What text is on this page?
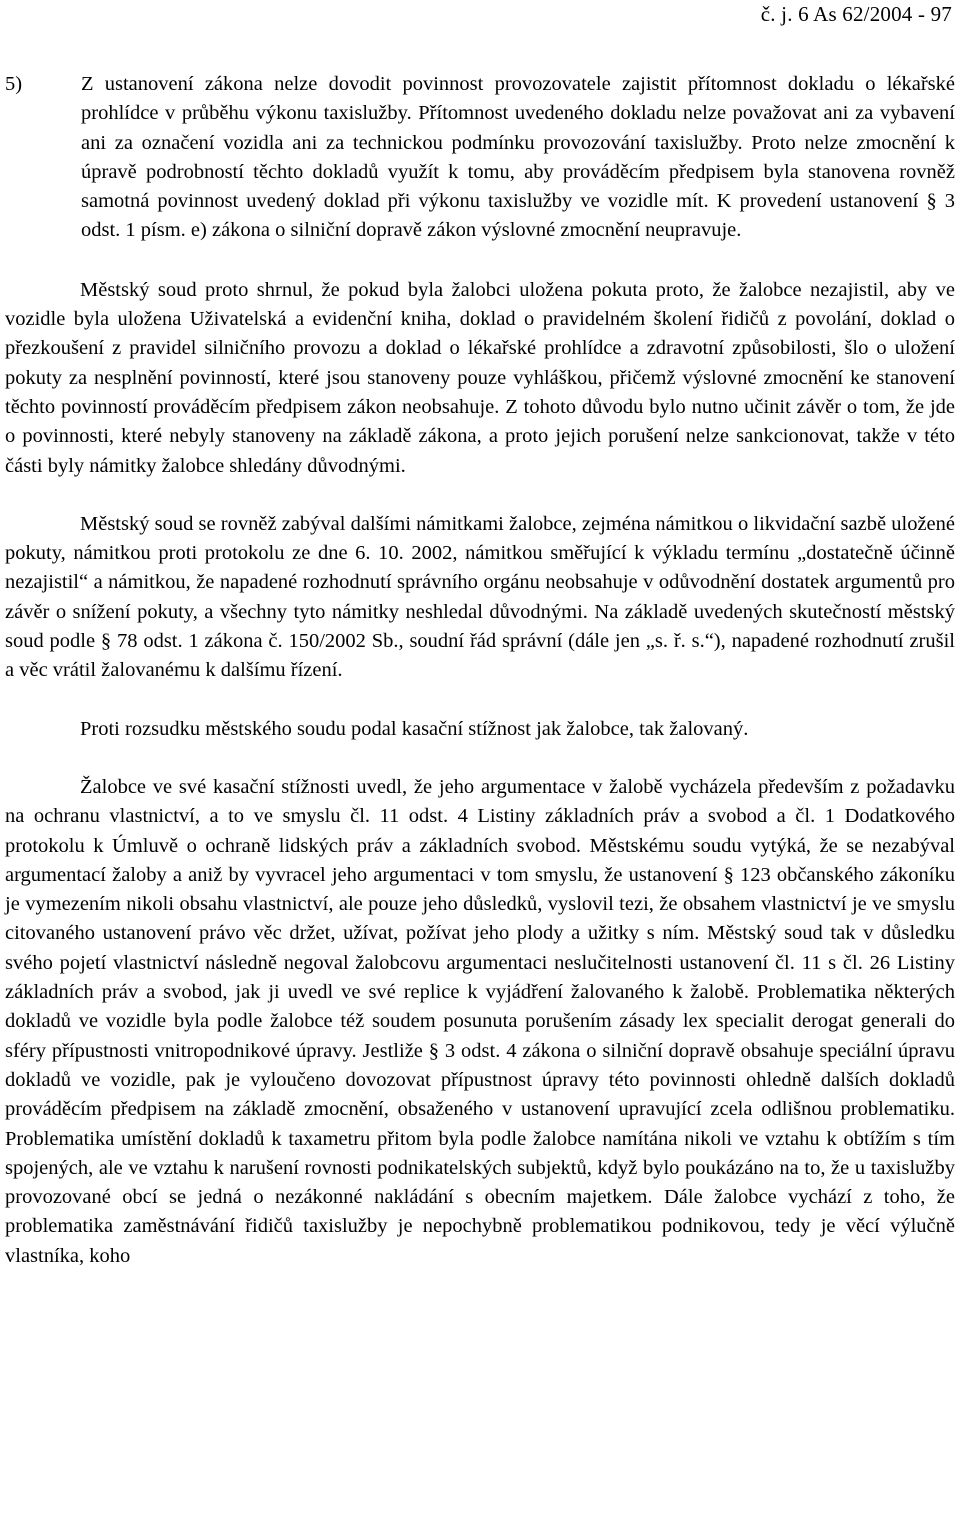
č. j. 6 As 62/2004 - 97
5)	Z ustanovení zákona nelze dovodit povinnost provozovatele zajistit přítomnost dokladu o lékařské prohlídce v průběhu výkonu taxislužby. Přítomnost uvedeného dokladu nelze považovat ani za vybavení ani za označení vozidla ani za technickou podmínku provozování taxislužby. Proto nelze zmocnění k úpravě podrobností těchto dokladů využít k tomu, aby prováděcím předpisem byla stanovena rovněž samotná povinnost uvedený doklad při výkonu taxislužby ve vozidle mít. K provedení ustanovení § 3 odst. 1 písm. e) zákona o silniční dopravě zákon výslovné zmocnění neupravuje.

Městský soud proto shrnul, že pokud byla žalobci uložena pokuta proto, že žalobce nezajistil, aby ve vozidle byla uložena Uživatelská a evidenční kniha, doklad o pravidelném školení řidičů z povolání, doklad o přezkoušení z pravidel silničního provozu a doklad o lékařské prohlídce a zdravotní způsobilosti, šlo o uložení pokuty za nesplnění povinností, které jsou stanoveny pouze vyhláškou, přičemž výslovné zmocnění ke stanovení těchto povinností prováděcím předpisem zákon neobsahuje. Z tohoto důvodu bylo nutno učinit závěr o tom, že jde o povinnosti, které nebyly stanoveny na základě zákona, a proto jejich porušení nelze sankcionovat, takže v této části byly námitky žalobce shledány důvodnými.

Městský soud se rovněž zabýval dalšími námitkami žalobce, zejména námitkou o likvidační sazbě uložené pokuty, námitkou proti protokolu ze dne 6. 10. 2002, námitkou směřující k výkladu termínu „dostatečně účinně nezajistil“ a námitkou, že napadené rozhodnutí správního orgánu neobsahuje v odůvodnění dostatek argumentů pro závěr o snížení pokuty, a všechny tyto námitky neshledal důvodnými. Na základě uvedených skutečností městský soud podle § 78 odst. 1 zákona č. 150/2002 Sb., soudní řád správní (dále jen „s. ř. s.“), napadené rozhodnutí zrušil a věc vrátil žalovanému k dalšímu řízení.

Proti rozsudku městského soudu podal kasační stížnost jak žalobce, tak žalovaný.

Žalobce ve své kasační stížnosti uvedl, že jeho argumentace v žalobě vycházela především z požadavku na ochranu vlastnictví, a to ve smyslu čl. 11 odst. 4 Listiny základních práv a svobod a čl. 1 Dodatkového protokolu k Úmluvě o ochraně lidských práv a základních svobod. Městskému soudu vytýká, že se nezabýval argumentací žaloby a aniž by vyvracel jeho argumentaci v tom smyslu, že ustanovení § 123 občanského zákoníku je vymezením nikoli obsahu vlastnictví, ale pouze jeho důsledků, vyslovil tezi, že obsahem vlastnictví je ve smyslu citovaného ustanovení právo věc držet, užívat, požívat jeho plody a užitky s ním. Městský soud tak v důsledku svého pojetí vlastnictví následně negoval žalobcovu argumentaci neslučitelnosti ustanovení čl. 11 s čl. 26 Listiny základních práv a svobod, jak ji uvedl ve své replice k vyjádření žalovaného k žalobě. Problematika některých dokladů ve vozidle byla podle žalobce též soudem posunuta porušením zásady lex specialit derogat generali do sféry přípustnosti vnitropodnikové úpravy. Jestliže § 3 odst. 4 zákona o silniční dopravě obsahuje speciální úpravu dokladů ve vozidle, pak je vyloučeno dovozovat přípustnost úpravy této povinnosti ohledně dalších dokladů prováděcím předpisem na základě zmocnění, obsaženého v ustanovení upravující zcela odlišnou problematiku. Problematika umístění dokladů k taxametru přitom byla podle žalobce namítána nikoli ve vztahu k obtížím s tím spojených, ale ve vztahu k narušení rovnosti podnikatelských subjektů, když bylo poukázáno na to, že u taxislužby provozované obcí se jedná o nezákonné nakládání s obecním majetkem. Dále žalobce vychází z toho, že problematika zaměstnávání řidičů taxislužby je nepochybně problematikou podnikovou, tedy je věcí výlučně vlastníka, koho
